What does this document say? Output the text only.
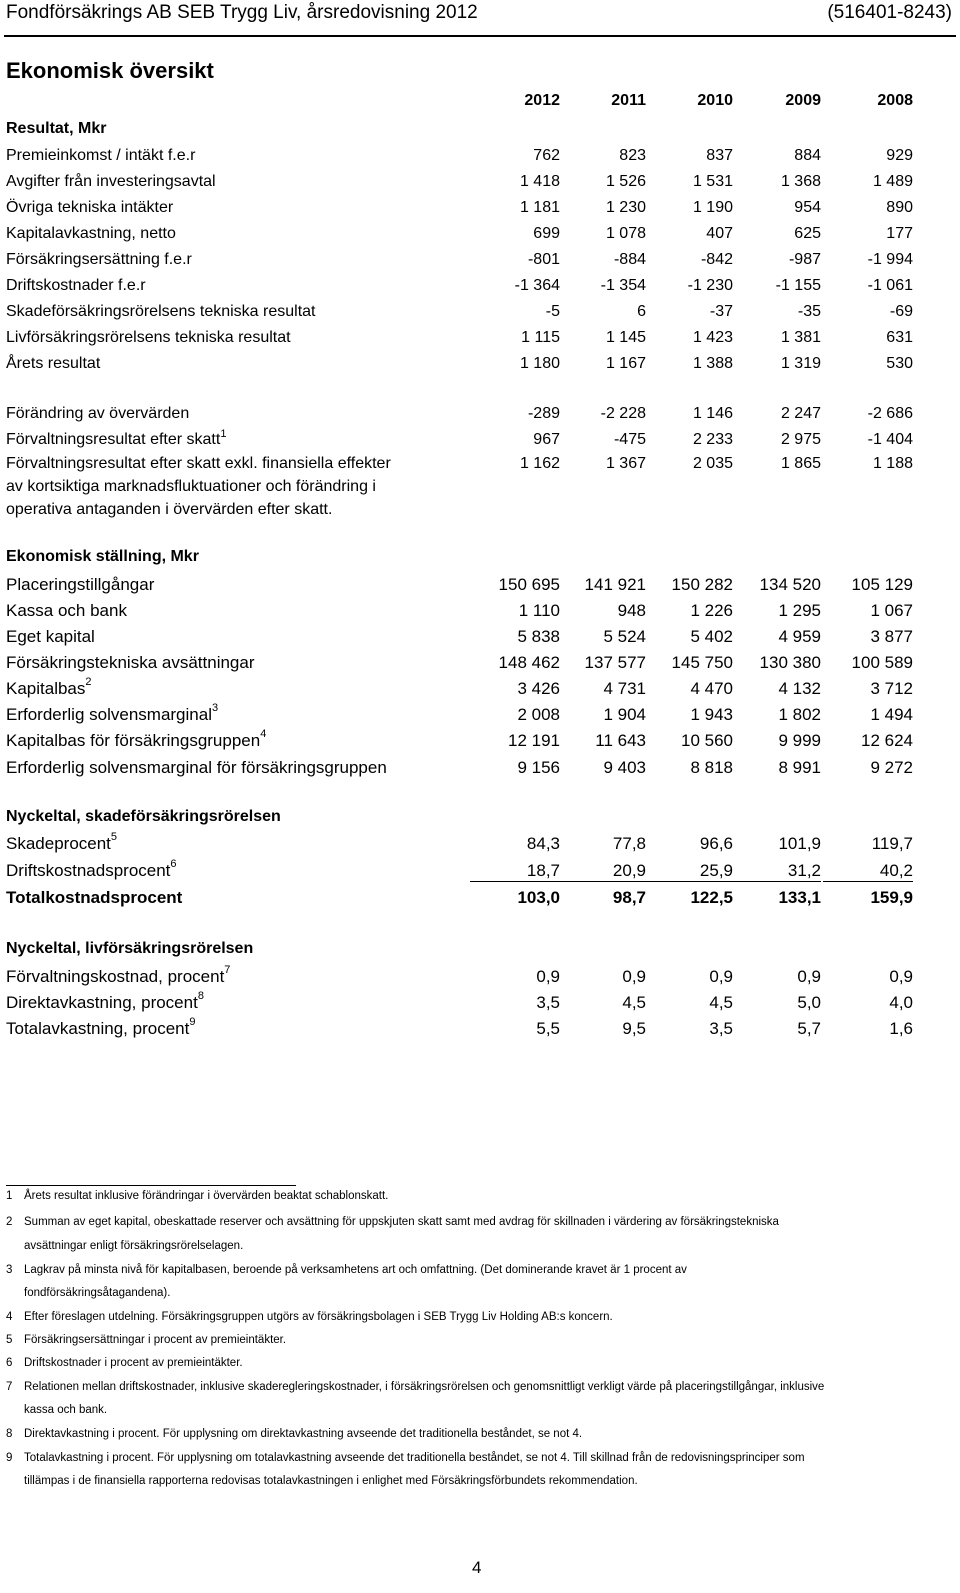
Fondförsäkrings AB SEB Trygg Liv, årsredovisning 2012	(516401-8243)
Ekonomisk översikt
2012	2011	2010	2009	2008
Resultat, Mkr
Premieinkomst / intäkt f.e.r	762	823	837	884	929
Avgifter från investeringsavtal	1 418	1 526	1 531	1 368	1 489
Övriga tekniska intäkter	1 181	1 230	1 190	954	890
Kapitalavkastning, netto	699	1 078	407	625	177
Försäkringsersättning f.e.r	-801	-884	-842	-987	-1 994
Driftskostnader f.e.r	-1 364	-1 354	-1 230	-1 155	-1 061
Skadeförsäkringsrörelsens tekniska resultat	-5	6	-37	-35	-69
Livförsäkringsrörelsens tekniska resultat	1 115	1 145	1 423	1 381	631
Årets resultat	1 180	1 167	1 388	1 319	530
Förändring av övervärden	-289	-2 228	1 146	2 247	-2 686
Förvaltningsresultat efter skatt$^1$	967	-475	2 233	2 975	-1 404
Förvaltningsresultat efter skatt exkl. finansiella effekter	1 162	1 367	2 035	1 865	1 188
av kortsiktiga marknadsfluktuationer och förändring i
operativa antaganden i övervärden efter skatt.
Ekonomisk ställning, Mkr
Placeringstillgångar	150 695	141 921	150 282	134 520	105 129
Kassa och bank	1 110	948	1 226	1 295	1 067
Eget kapital	5 838	5 524	5 402	4 959	3 877
Försäkringstekniska avsättningar	148 462	137 577	145 750	130 380	100 589
Kapitalbas$^2$	3 426	4 731	4 470	4 132	3 712
Erforderlig solvensmarginal$^3$	2 008	1 904	1 943	1 802	1 494
Kapitalbas för försäkringsgruppen$^4$	12 191	11 643	10 560	9 999	12 624
Erforderlig solvensmarginal för försäkringsgruppen	9 156	9 403	8 818	8 991	9 272
Nyckeltal, skadeförsäkringsrörelsen
Skadeprocent$^5$	84,3	77,8	96,6	101,9	119,7
Driftskostnadsprocent$^6$	18,7	20,9	25,9	31,2	40,2
Totalkostnadsprocent	103,0	98,7	122,5	133,1	159,9
Nyckeltal, livförsäkringsrörelsen
Förvaltningskostnad, procent$^7$	0,9	0,9	0,9	0,9	0,9
Direktavkastning, procent$^8$	3,5	4,5	4,5	5,0	4,0
Totalavkastning, procent$^9$	5,5	9,5	3,5	5,7	1,6
1 Årets resultat inklusive förändringar i övervärden beaktat schablonskatt.
2 Summan av eget kapital, obeskattade reserver och avsättning för uppskjuten skatt samt med avdrag för skillnaden i värdering av försäkringstekniska
avsättningar enligt försäkringsrörelselagen.
3 Lagkrav på minsta nivå för kapitalbasen, beroende på verksamhetens art och omfattning. (Det dominerande kravet är 1 procent av
fondförsäkringsåtagandena).
4 Efter föreslagen utdelning. Försäkringsgruppen utgörs av försäkringsbolagen i SEB Trygg Liv Holding AB:s koncern.
5 Försäkringsersättningar i procent av premieintäkter.
6 Driftskostnader i procent av premieintäkter.
7 Relationen mellan driftskostnader, inklusive skaderegleringskostnader, i försäkringsrörelsen och genomsnittligt verkligt värde på placeringstillgångar, inklusive
kassa och bank.
8 Direktavkastning i procent. För upplysning om direktavkastning avseende det traditionella beståndet, se not 4.
9 Totalavkastning i procent. För upplysning om totalavkastning avseende det traditionella beståndet, se not 4. Till skillnad från de redovisningsprinciper som
tillämpas i de finansiella rapporterna redovisas totalavkastningen i enlighet med Försäkringsförbundets rekommendation.
4
